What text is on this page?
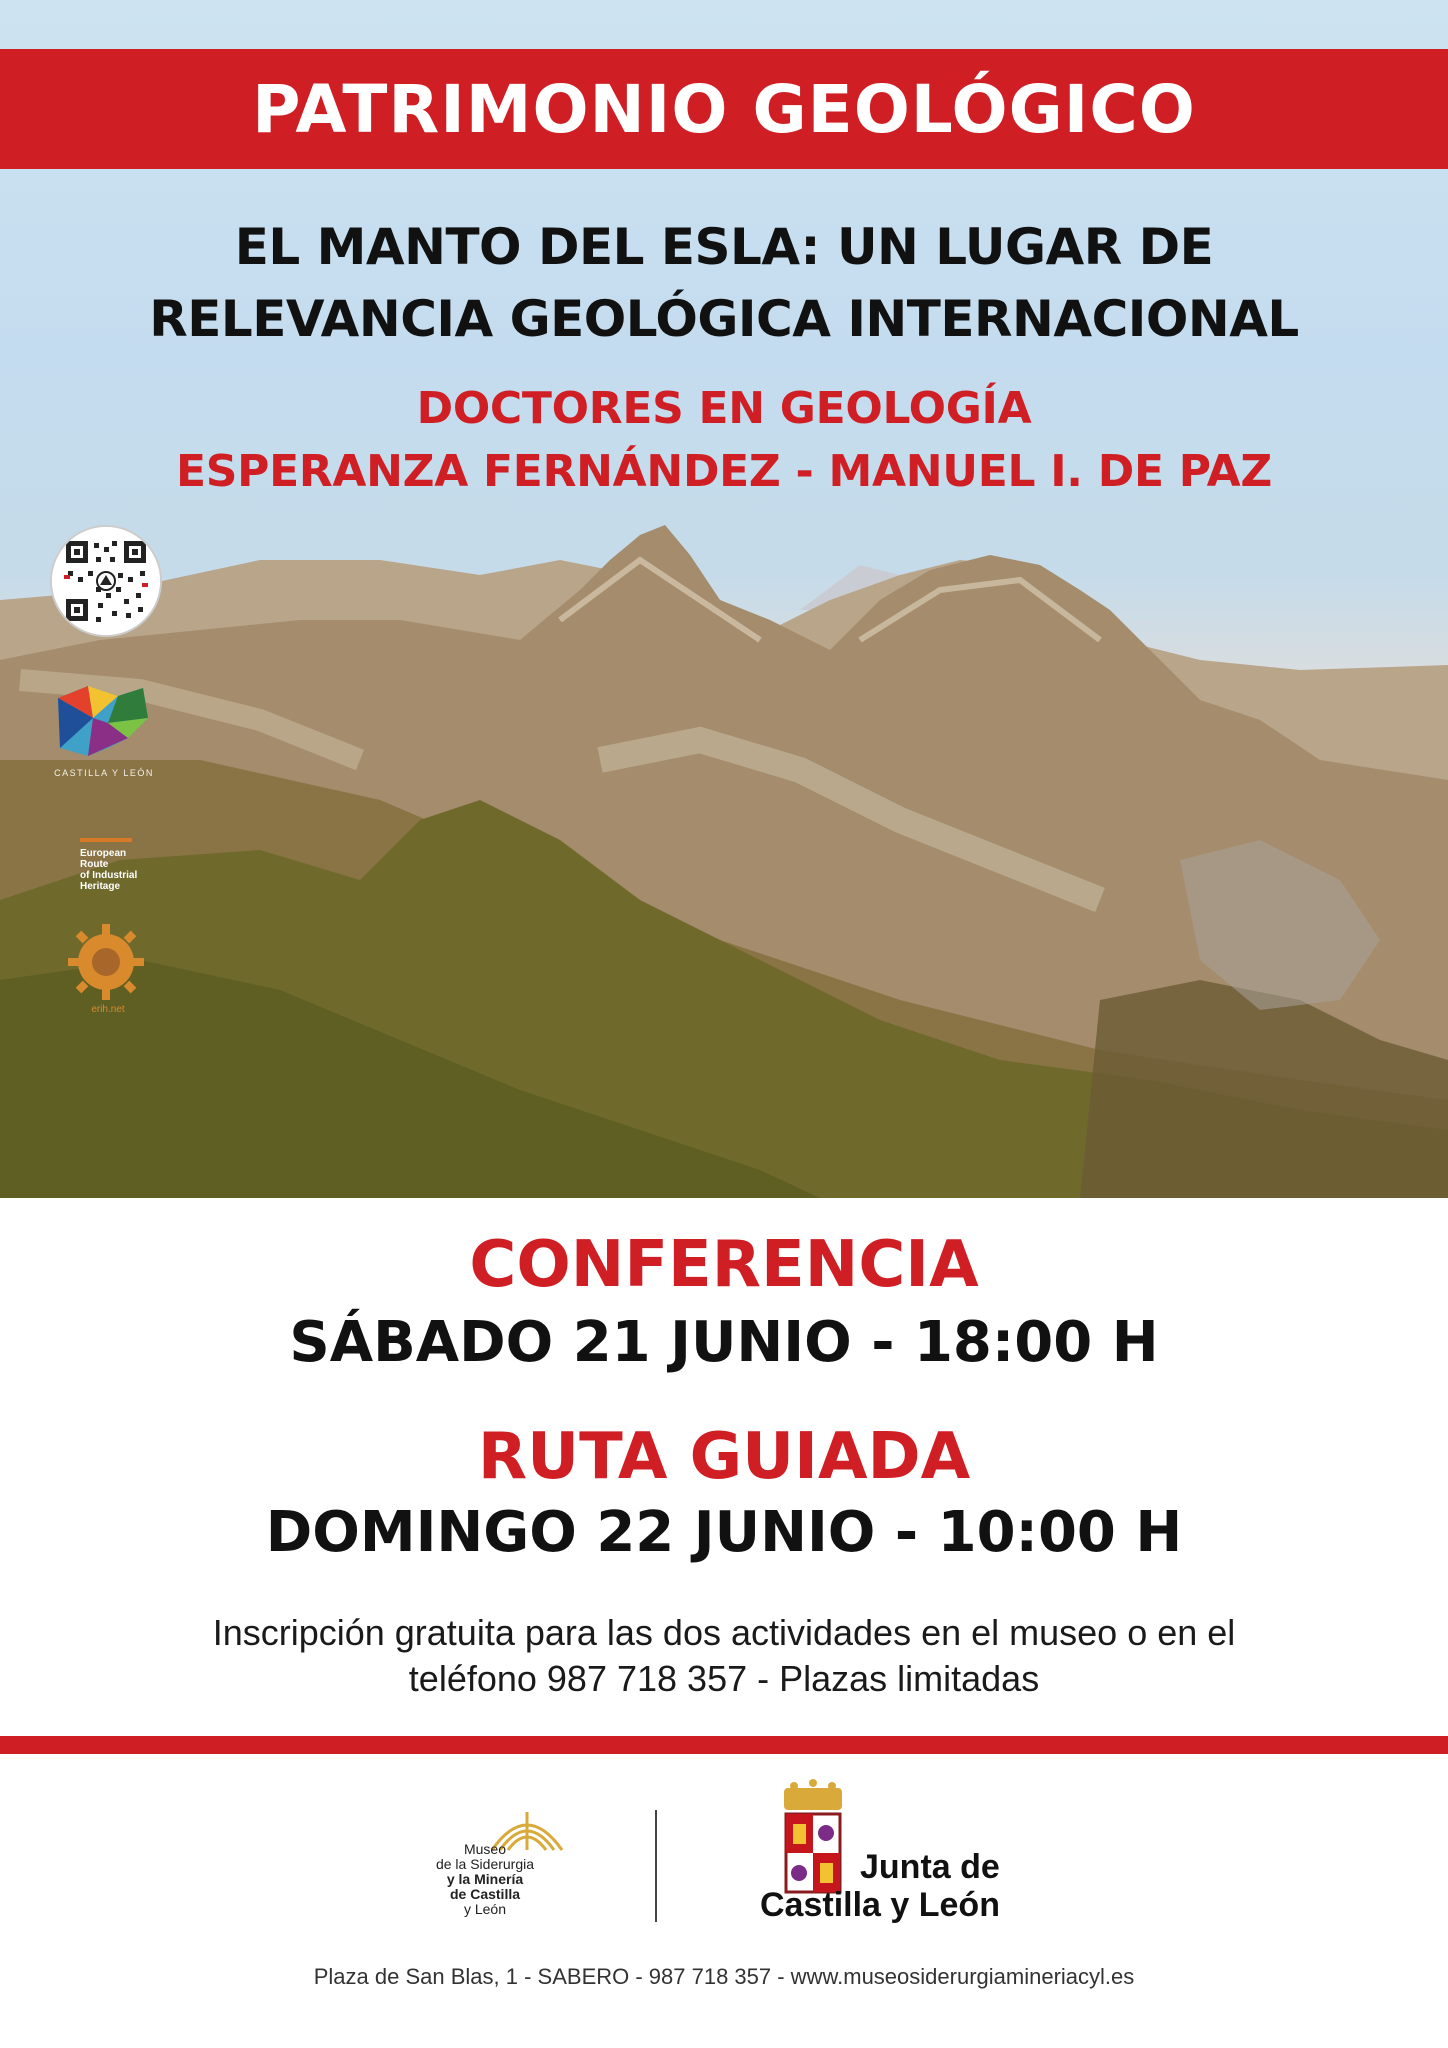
PATRIMONIO GEOLÓGICO
EL MANTO DEL ESLA: UN LUGAR DE
RELEVANCIA GEOLÓGICA INTERNACIONAL
DOCTORES EN GEOLOGÍA
ESPERANZA FERNÁNDEZ - MANUEL I. DE PAZ
CASTILLA Y LEÓN
European
Route
of Industrial
Heritage
erih.net
CONFERENCIA
SÁBADO 21 JUNIO - 18:00 H
RUTA GUIADA
DOMINGO 22 JUNIO - 10:00 H
Inscripción gratuita para las dos actividades en el museo o en el
teléfono 987 718 357 - Plazas limitadas
Museo
de la Siderurgia
y la Minería
de Castilla
y León
Junta de
Castilla y León
Plaza de San Blas, 1 - SABERO - 987 718 357 - www.museosiderurgiamineriacyl.es
